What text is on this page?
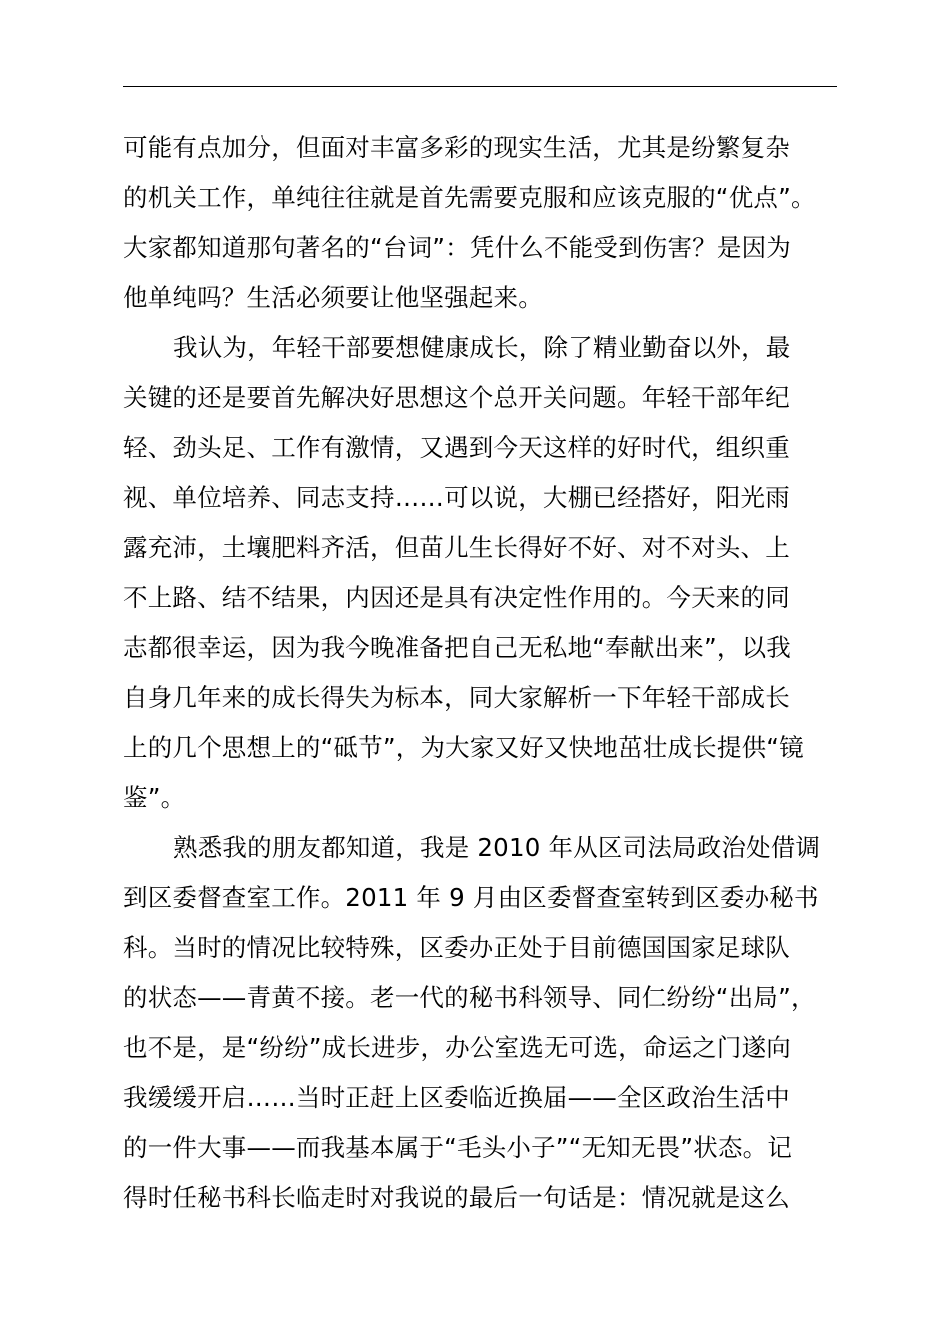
可能有点加分，但面对丰富多彩的现实生活，尤其是纷繁复杂
的机关工作，单纯往往就是首先需要克服和应该克服的“优点”。
大家都知道那句著名的“台词”：凭什么不能受到伤害？是因为
他单纯吗？生活必须要让他坚强起来。
我认为，年轻干部要想健康成长，除了精业勤奋以外，最
关键的还是要首先解决好思想这个总开关问题。年轻干部年纪
轻、劲头足、工作有激情，又遇到今天这样的好时代，组织重
视、单位培养、同志支持……可以说，大棚已经搭好，阳光雨
露充沛，土壤肥料齐活，但苗儿生长得好不好、对不对头、上
不上路、结不结果，内因还是具有决定性作用的。今天来的同
志都很幸运，因为我今晚准备把自己无私地“奉献出来”，以我
自身几年来的成长得失为标本，同大家解析一下年轻干部成长
上的几个思想上的“砥节”，为大家又好又快地茁壮成长提供“镜
鉴”。
熟悉我的朋友都知道，我是 2010 年从区司法局政治处借调
到区委督查室工作。2011 年 9 月由区委督查室转到区委办秘书
科。当时的情况比较特殊，区委办正处于目前德国国家足球队
的状态——青黄不接。老一代的秘书科领导、同仁纷纷“出局”，
也不是，是“纷纷”成长进步，办公室选无可选，命运之门遂向
我缓缓开启……当时正赶上区委临近换届——全区政治生活中
的一件大事——而我基本属于“毛头小子”“无知无畏”状态。记
得时任秘书科长临走时对我说的最后一句话是：情况就是这么
